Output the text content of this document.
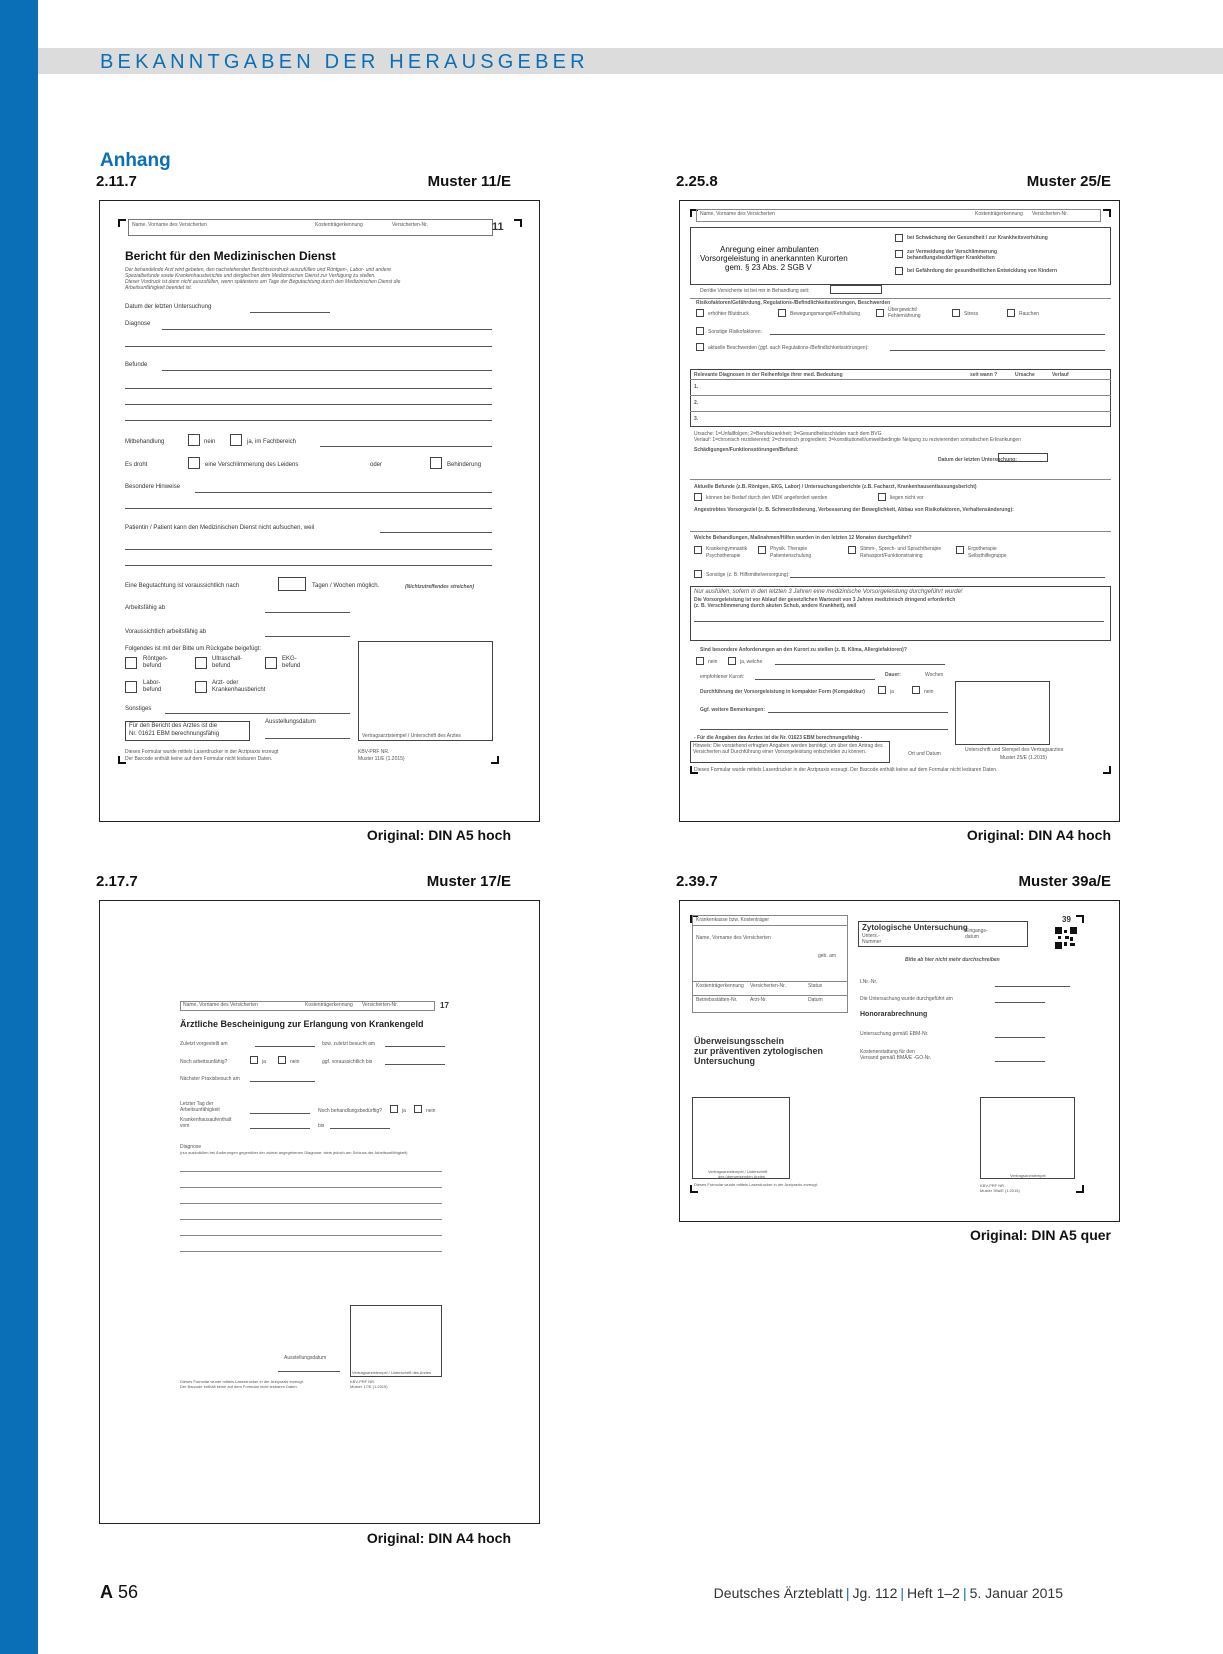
BEKANNTGABEN DER HERAUSGEBER
Anhang
2.11.7	Muster 11/E
Original: DIN A5 hoch
2.25.8	Muster 25/E
Original: DIN A4 hoch
2.17.7	Muster 17/E
Original: DIN A4 hoch
2.39.7	Muster 39a/E
Original: DIN A5 quer
Name, Vorname des Versicherten	Kostenträgerkennung	Versicherten-Nr.	11
Bericht für den Medizinischen Dienst
Der behandelnde Arzt wird gebeten, den nachstehenden Berichtsvordruck auszufüllen und Röntgen-, Labor- und andere
Spezialbefunde sowie Krankenhausberichte und dergleichen dem Medizinischen Dienst zur Verfügung zu stellen.
Dieser Vordruck ist dann nicht auszufüllen, wenn spätestens am Tage der Begutachtung durch den Medizinischen Dienst die
Arbeitsunfähigkeit beendet ist.
Datum der letzten Untersuchung
Diagnose
Befunde
Mitbehandlung	nein	ja, im Fachbereich
Es droht	eine Verschlimmerung des Leidens	oder	Behinderung
Besondere Hinweise
Patientin / Patient kann den Medizinischen Dienst nicht aufsuchen, weil
Eine Begutachtung ist voraussichtlich nach	Tagen / Wochen möglich.	(Nichtzutreffendes streichen)
Arbeitsfähig ab
Voraussichtlich arbeitsfähig ab
Folgendes ist mit der Bitte um Rückgabe beigefügt:
Röntgen-
befund
Ultraschall-
befund
EKG-
befund
Labor-
befund
Arzt- oder
Krankenhausbericht
Sonstiges
Ausstellungsdatum
Für den Bericht des Arztes ist die
Nr. 01621 EBM berechnungsfähig	Vertragsarztstempel / Unterschrift des Arztes
Dieses Formular wurde mittels Laserdrucker in der Arztpraxis erzeugt
Der Barcode enthält keine auf dem Formular nicht lesbaren Daten.
KBV-PRF NR.
Muster 11/E (1.2015)
Name, Vorname des Versicherten	Kostenträgerkennung Versicherten-Nr.
Anregung einer ambulanten
Vorsorgeleistung in anerkannten Kurorten
gem. § 23 Abs. 2 SGB V
bei Schwächung der Gesundheit / zur Krankheitsverhütung
zur Vermeidung der Verschlimmerung
behandlungsbedürftiger Krankheiten
bei Gefährdung der gesundheitlichen Entwicklung von Kindern
Der/die Versicherte ist bei mir in Behandlung seit:
Risikofaktoren/Gefährdung, Regulations-/Befindlichkeitsstörungen, Beschwerden
erhöhter Blutdruck	Bewegungsmangel/Fehlhaltung
Übergewicht/
Fehlernährung	Stress	Rauchen
Sonstige Risikofaktoren:
aktuelle Beschwerden (ggf. auch Regulations-/Befindlichkeitsstörungen):
Relevante Diagnosen in der Reihenfolge ihrer med. Bedeutung	seit wann ?	Ursache	Verlauf
1.
2.
3.
Ursache: 1=Unfallfolgen; 2=Berufskrankheit; 3=Gesundheitsschäden nach dem BVG
Verlauf: 1=chronisch rezidivierend; 2=chronisch progredient; 3=konstitutionell/umweltbedingte Neigung zu rezivierenden somatischen Erkrankungen
Schädigungen/Funktionsstörungen/Befund:
Datum der letzten Untersuchung:
Aktuelle Befunde (z.B. Röntgen, EKG, Labor) / Untersuchungsberichte (z.B. Facharzt, Krankenhausentlassungsbericht)
können bei Bedarf durch den MDK angefordert werden	liegen nicht vor
Angestrebtes Vorsorgeziel (z. B. Schmerzlinderung, Verbesserung der Beweglichkeit, Abbau von Risikofaktoren, Verhaltensänderung):
Welche Behandlungen, Maßnahmen/Hilfen wurden in den letzten 12 Monaten durchgeführt?
Krankengymnastik
Psychotherapie
Physik. Therapie
Patientenschulung
Stimm-, Sprech- und Sprachtherapie
Rehasport/Funktionstraining
Ergotherapie
Selbsthilfegruppe
Sonstige (z. B. Hilfsmittelversorgung):
Nur ausfüllen, sofern in den letzten 3 Jahren eine medizinische Vorsorgeleistung durchgeführt wurde!
Die Vorsorgeleistung ist vor Ablauf der gesetzlichen Wartezeit von 3 Jahren medizinisch dringend erforderlich
(z. B. Verschlimmerung durch akuten Schub, andere Krankheit), weil
Sind besondere Anforderungen an den Kurort zu stellen (z. B. Klima, Allergiefaktoren)?
nein	ja, welche
empfohlener Kurort:	Dauer:	Wochen
Durchführung der Vorsorgeleistung in kompakter Form (Kompaktkur)	ja	nein
Ggf. weitere Bemerkungen:
- Für die Angaben des Arztes ist die Nr. 01623 EBM berechnungsfähig -
Hinweis: Die vorstehend erfragten Angaben werden benötigt, um über den Antrag des Versicherten auf Durchführung einer Vorsorgeleistung entscheiden zu können.	Ort und Datum
Unterschrift und Stempel des Vertragsarztes
Muster 25/E (1.2015)
Dieses Formular wurde mittels Laserdrucker in der Arztpraxis erzeugt. Der Barcode enthält keine auf dem Formular nicht lesbaren Daten.
Name, Vorname des Versicherten	Kostenträgerkennung Versicherten-Nr.	17
Ärztliche Bescheinigung zur Erlangung von Krankengeld
Zuletzt vorgestellt am	bzw. zuletzt besucht am
Noch arbeitsunfähig?	ja	nein	ggf. voraussichtlich bis
Nächster Praxisbesuch am
Letzter Tag der
Arbeitsunfähigkeit	Noch behandlungsbedürftig?	ja	nein
Krankenhausaufenthalt
vom	bis
Diagnose
(nur auszufüllen bei Änderungen gegenüber der zuletzt angegebenen Diagnose; stets jedoch am Schluss der Arbeitsunfähigkeit)
Vertragsarztstempel / Unterschrift des Arztes
Ausstellungsdatum
Dieses Formular wurde mittels Laserdrucker in der Arztpraxis erzeugt.
Der Barcode enthält keine auf dem Formular nicht lesbaren Daten.
KBV-PRF NR.
Muster 17/E (1.2015)
Krankenkasse bzw. Kostenträger
Name, Vorname des Versicherten
geb. am
Kostenträgerkennung Versicherten-Nr.	Status
Betriebsstätten-Nr.	Arzt-Nr.	Datum
39
Zytologische Untersuchung
Unters.-
Nummer
Eingangs-
datum
Bitte ab hier nicht mehr durchschreiben
LNr.-Nr.
Die Untersuchung wurde durchgeführt am
Honorarabrechnung
Untersuchung gemäß EBM-Nr.
Kostenerstattung für den
Versand gemäß BMÄ/E -GO-Nr.
Überweisungsschein
zur präventiven zytologischen
Untersuchung
Vertragsarztstempel / Unterschrift
des überweisenden Arztes	Vertragsarztstempel
Dieses Formular wurde mittels Laserdrucker in der Arztpraxis erzeugt.	KBV-PRF NR.
Muster 39a/E (1.2015)
A 56	Deutsches Ärzteblatt | Jg. 112 | Heft 1–2 | 5. Januar 2015
